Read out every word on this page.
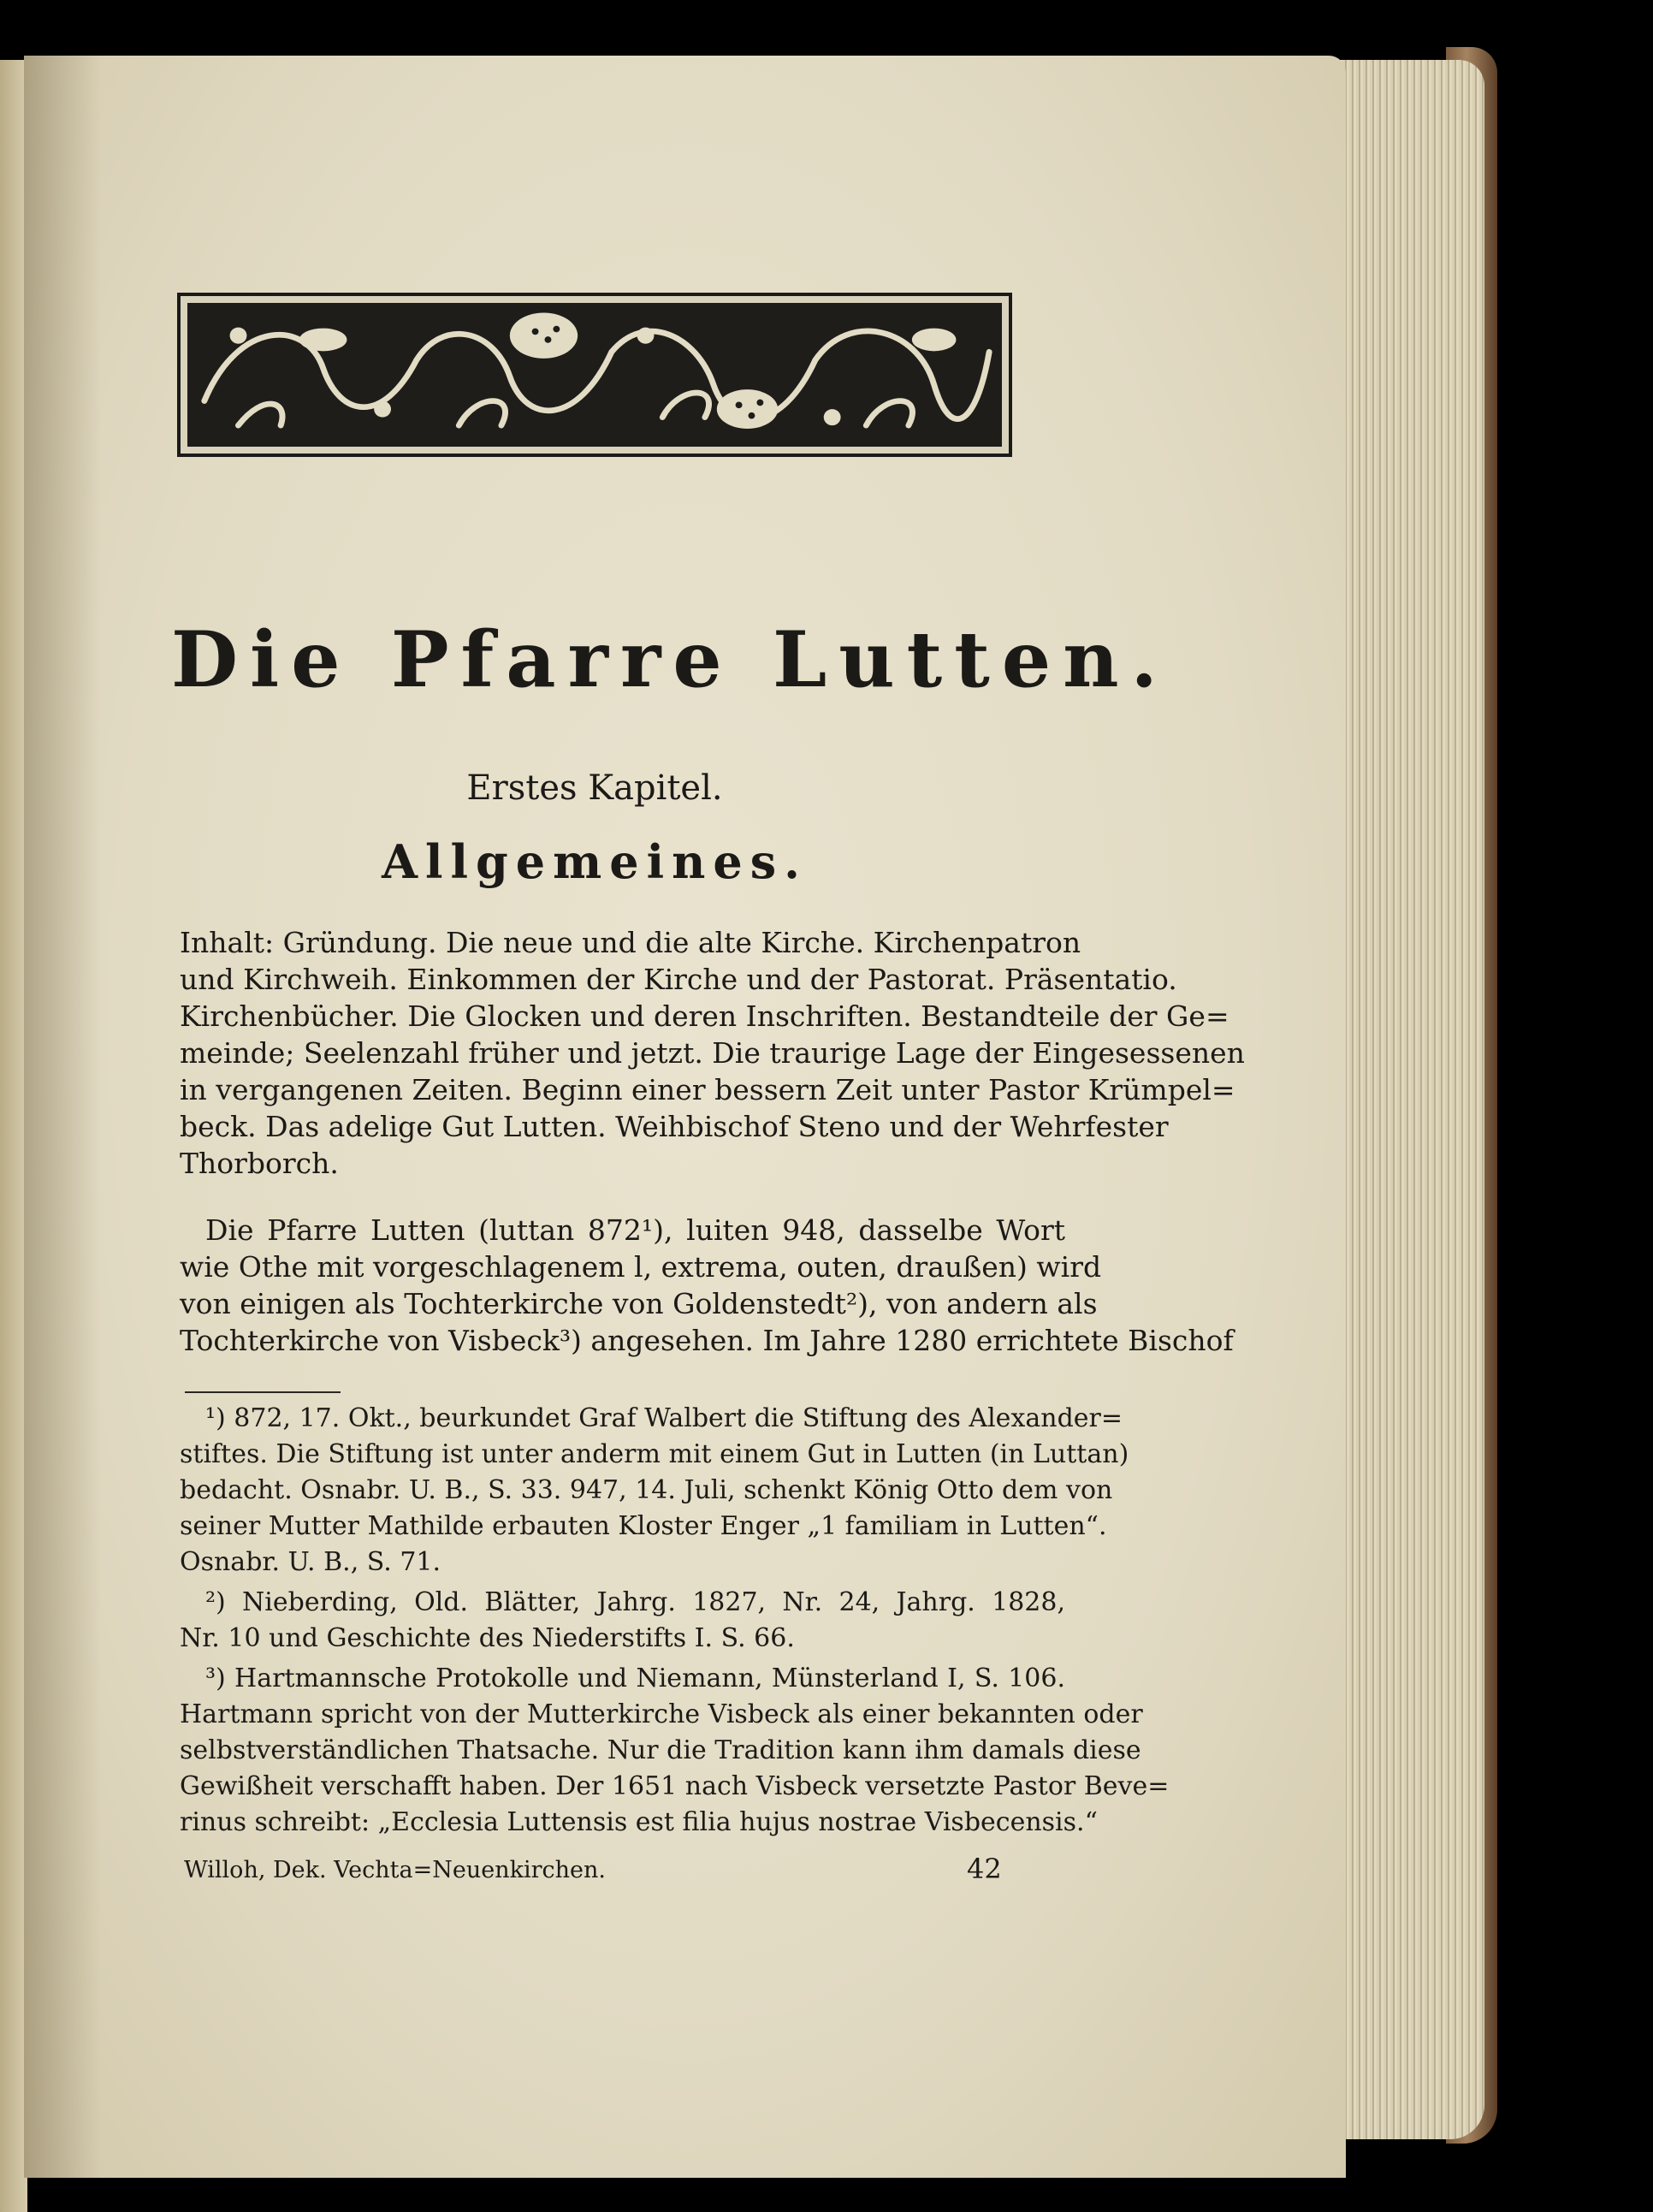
Die Pfarre Lutten.
Erstes Kapitel.
Allgemeines.
Inhalt: Gründung. Die neue und die alte Kirche. Kirchenpatron
und Kirchweih. Einkommen der Kirche und der Pastorat. Präsentatio.
Kirchenbücher. Die Glocken und deren Inschriften. Bestandteile der Ge=
meinde; Seelenzahl früher und jetzt. Die traurige Lage der Eingesessenen
in vergangenen Zeiten. Beginn einer bessern Zeit unter Pastor Krümpel=
beck. Das adelige Gut Lutten. Weihbischof Steno und der Wehrfester
Thorborch.
Die Pfarre Lutten (luttan 872¹), luiten 948, dasselbe Wort
wie Othe mit vorgeschlagenem l, extrema, outen, draußen) wird
von einigen als Tochterkirche von Goldenstedt²), von andern als
Tochterkirche von Visbeck³) angesehen. Im Jahre 1280 errichtete Bischof
¹) 872, 17. Okt., beurkundet Graf Walbert die Stiftung des Alexander=
stiftes. Die Stiftung ist unter anderm mit einem Gut in Lutten (in Luttan)
bedacht. Osnabr. U. B., S. 33. 947, 14. Juli, schenkt König Otto dem von
seiner Mutter Mathilde erbauten Kloster Enger „1 familiam in Lutten“.
Osnabr. U. B., S. 71.
²) Nieberding, Old. Blätter, Jahrg. 1827, Nr. 24, Jahrg. 1828,
Nr. 10 und Geschichte des Niederstifts I. S. 66.
³) Hartmannsche Protokolle und Niemann, Münsterland I, S. 106.
Hartmann spricht von der Mutterkirche Visbeck als einer bekannten oder
selbstverständlichen Thatsache. Nur die Tradition kann ihm damals diese
Gewißheit verschafft haben. Der 1651 nach Visbeck versetzte Pastor Beve=
rinus schreibt: „Ecclesia Luttensis est filia hujus nostrae Visbecensis.“
Willoh, Dek. Vechta=Neuenkirchen.	42
